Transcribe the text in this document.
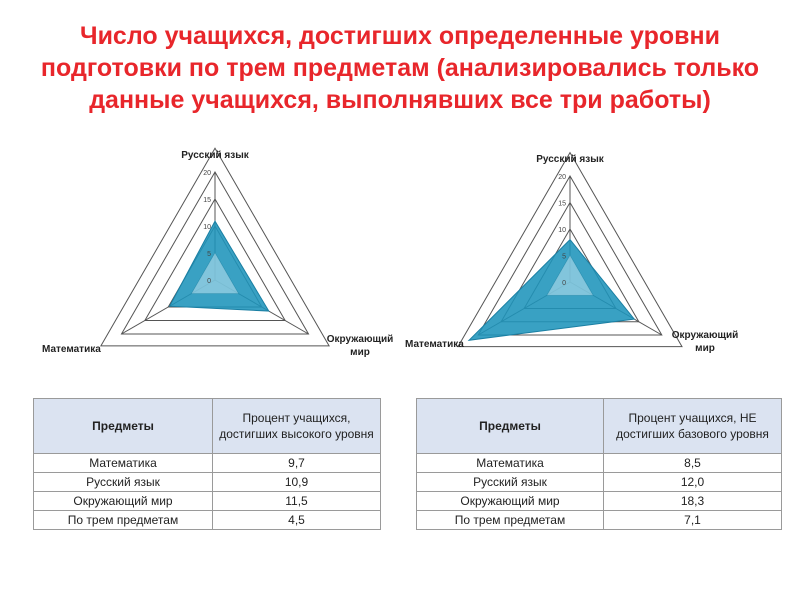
Число учащихся, достигших определенные уровни подготовки по трем предметам (анализировались только данные учащихся, выполнявших все три работы)
0
5
10
15
20
Русский язык
Окружающий
мир
Математика
0
5
10
15
20
Русский язык
Окружающий
мир
Математика
Предметы	Процент учащихся, достигших высокого уровня
Математика	9,7
Русский язык	10,9
Окружающий мир	11,5
По трем предметам	4,5
Предметы	Процент учащихся, НЕ достигших базового уровня
Математика	8,5
Русский язык	12,0
Окружающий мир	18,3
По трем предметам	7,1
